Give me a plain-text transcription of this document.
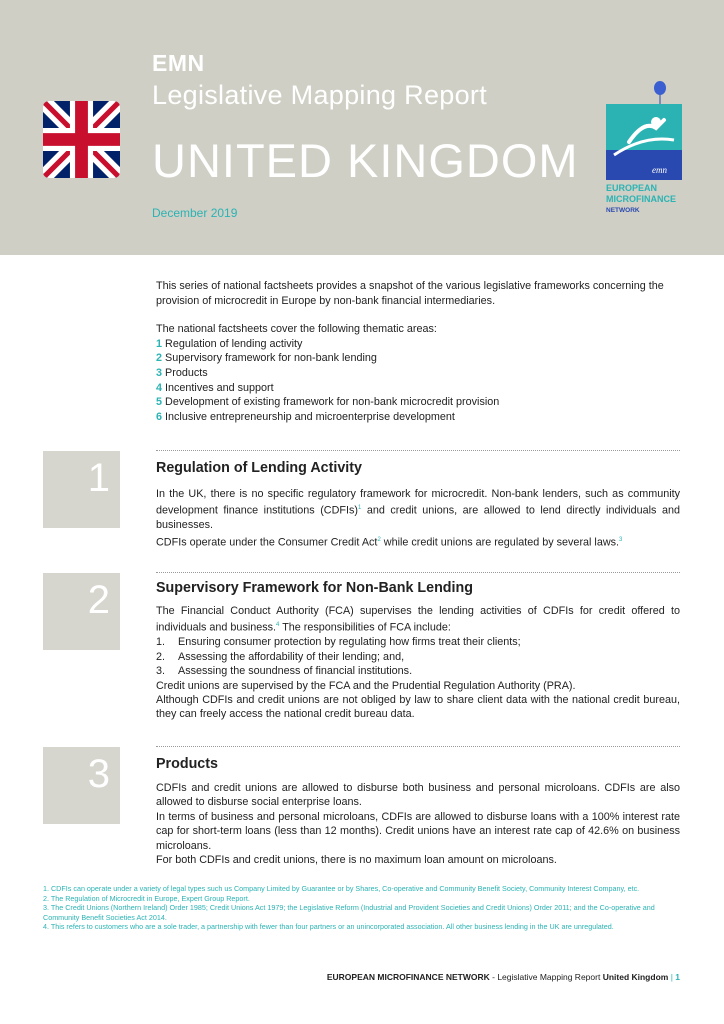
EMN
Legislative Mapping Report
UNITED KINGDOM
December 2019
emn
EUROPEAN
MICROFINANCE
NETWORK

This series of national factsheets provides a snapshot of the various legislative frameworks concerning the provision of microcredit in Europe by non-bank financial intermediaries.

The national factsheets cover the following thematic areas:

1 Regulation of lending activity
2 Supervisory framework for non-bank lending
3 Products
4 Incentives and support
5 Development of existing framework for non-bank microcredit provision
6 Inclusive entrepreneurship and microenterprise development
1	Regulation of Lending Activity

In the UK, there is no specific regulatory framework for microcredit. Non-bank lenders, such as community development finance institutions (CDFIs)$^1$ and credit unions, are allowed to lend directly individuals and businesses.

CDFIs operate under the Consumer Credit Act$^2$ while credit unions are regulated by several laws.$^3$

2	Supervisory Framework for Non-Bank Lending

The Financial Conduct Authority (FCA) supervises the lending activities of CDFIs for credit offered to individuals and business.$^4$ The responsibilities of FCA include:

1.	Ensuring consumer protection by regulating how firms treat their clients;
2.	Assessing the affordability of their lending; and,
3.	Assessing the soundness of financial institutions.

Credit unions are supervised by the FCA and the Prudential Regulation Authority (PRA).

Although CDFIs and credit unions are not obliged by law to share client data with the national credit bureau, they can freely access the national credit bureau data.

3	Products

CDFIs and credit unions are allowed to disburse both business and personal microloans. CDFIs are also allowed to disburse social enterprise loans.

In terms of business and personal microloans, CDFIs are allowed to disburse loans with a 100% interest rate cap for short-term loans (less than 12 months). Credit unions have an interest rate cap of 42.6% on business microloans.

For both CDFIs and credit unions, there is no maximum loan amount on microloans.

1. CDFIs can operate under a variety of legal types such us Company Limited by Guarantee or by Shares, Co-operative and Community Benefit Society, Community Interest Company, etc.

2. The Regulation of Microcredit in Europe, Expert Group Report.

3. The Credit Unions (Northern Ireland) Order 1985; Credit Unions Act 1979; the Legislative Reform (Industrial and Provident Societies and Credit Unions) Order 2011; and the Co-operative and Community Benefit Societies Act 2014.

4. This refers to customers who are a sole trader, a partnership with fewer than four partners or an unincorporated association. All other business lending in the UK are unregulated.

EUROPEAN MICROFINANCE NETWORK - Legislative Mapping Report United Kingdom | 1
